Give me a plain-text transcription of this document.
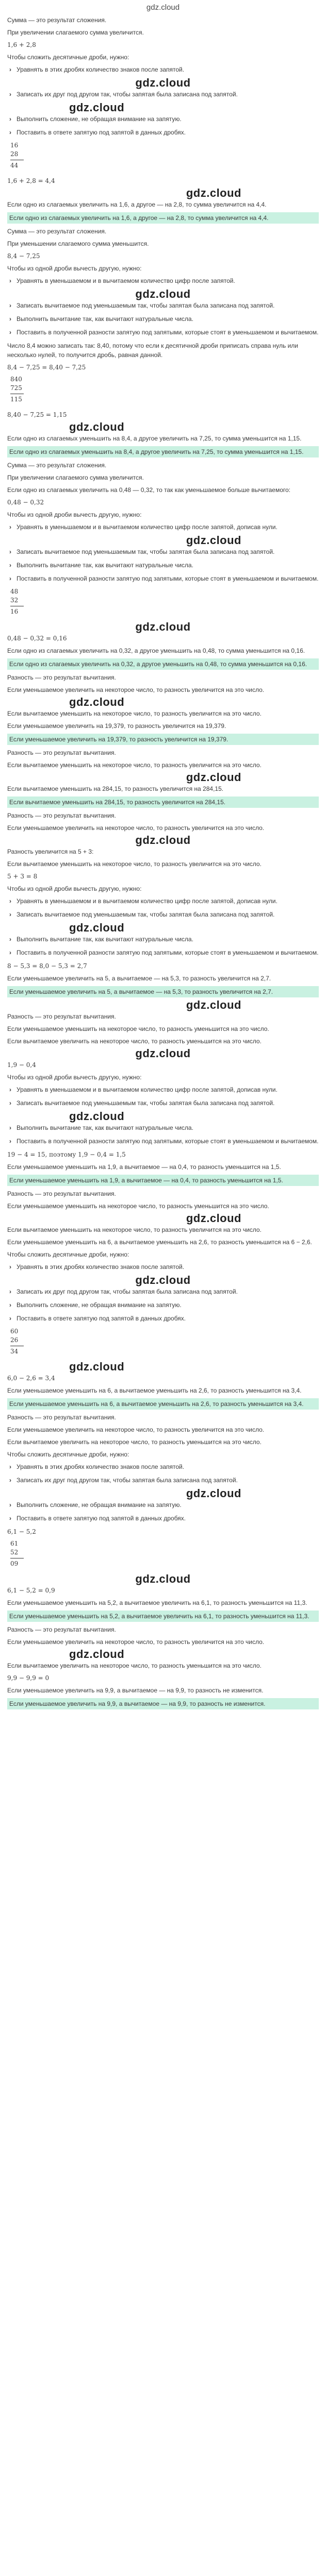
gdz.cloud
Сумма — это результат сложения.
При увеличении слагаемого сумма увеличится.
1,6 + 2,8
Чтобы сложить десятичные дроби, нужно:
› Уравнять в этих дробях количество знаков после запятой.
gdz.cloud
› Записать их друг под другом так, чтобы запятая была записана под запятой.
gdz.cloud
› Выполнить сложение, не обращая внимание на запятую.
› Поставить в ответе запятую под запятой в данных дробях.
16
28
44
1,6 + 2,8 = 4,4
gdz.cloud
Если одно из слагаемых увеличить на 1,6, а другое — на 2,8, то сумма увеличится на 4,4.
Если одно из слагаемых увеличить на 1,6, а другое — на 2,8, то сумма увеличится на 4,4.
Сумма — это результат сложения.
При уменьшении слагаемого сумма уменьшится.
8,4 − 7,25
Чтобы из одной дроби вычесть другую, нужно:
› Уравнять в уменьшаемом и в вычитаемом количество цифр после запятой.
gdz.cloud
› Записать вычитаемое под уменьшаемым так, чтобы запятая была записана под запятой.
› Выполнить вычитание так, как вычитают натуральные числа.
› Поставить в полученной разности запятую под запятыми, которые стоят в уменьшаемом и вычитаемом.
Число 8,4 можно записать так: 8,40, потому что если к десятичной дроби приписать справа нуль или несколько нулей, то получится дробь, равная данной.
8,4 − 7,25 = 8,40 − 7,25
840
725
115
8,40 − 7,25 = 1,15
gdz.cloud
Если одно из слагаемых уменьшить на 8,4, а другое увеличить на 7,25, то сумма уменьшится на 1,15.
Если одно из слагаемых уменьшить на 8,4, а другое увеличить на 7,25, то сумма уменьшится на 1,15.
Сумма — это результат сложения.
При увеличении слагаемого сумма увеличится.
Если одно из слагаемых увеличить на 0,48 — 0,32, то так как уменьшаемое больше вычитаемого:
0,48 − 0,32
Чтобы из одной дроби вычесть другую, нужно:
› Уравнять в уменьшаемом и в вычитаемом количество цифр после запятой, дописав нули.
gdz.cloud
› Записать вычитаемое под уменьшаемым так, чтобы запятая была записана под запятой.
› Выполнить вычитание так, как вычитают натуральные числа.
› Поставить в полученной разности запятую под запятыми, которые стоят в уменьшаемом и вычитаемом.
48
32
16
gdz.cloud
0,48 − 0,32 = 0,16
Если одно из слагаемых увеличить на 0,32, а другое уменьшить на 0,48, то сумма уменьшится на 0,16.
Если одно из слагаемых увеличить на 0,32, а другое уменьшить на 0,48, то сумма уменьшится на 0,16.
Разность — это результат вычитания.
Если уменьшаемое увеличить на некоторое число, то разность увеличится на это число.
gdz.cloud
Если вычитаемое уменьшить на некоторое число, то разность увеличится на это число.
Если уменьшаемое увеличить на 19,379, то разность увеличится на 19,379.
Если уменьшаемое увеличить на 19,379, то разность увеличится на 19,379.
Разность — это результат вычитания.
Если вычитаемое уменьшить на некоторое число, то разность увеличится на это число.
gdz.cloud
Если вычитаемое уменьшить на 284,15, то разность увеличится на 284,15.
Если вычитаемое уменьшить на 284,15, то разность увеличится на 284,15.
Разность — это результат вычитания.
Если уменьшаемое увеличить на некоторое число, то разность увеличится на это число.
gdz.cloud
Разность увеличится на 5 + 3:
Если вычитаемое уменьшить на некоторое число, то разность увеличится на это число.
5 + 3 = 8
Чтобы из одной дроби вычесть другую, нужно:
› Уравнять в уменьшаемом и в вычитаемом количество цифр после запятой, дописав нули.
› Записать вычитаемое под уменьшаемым так, чтобы запятая была записана под запятой.
gdz.cloud
› Выполнить вычитание так, как вычитают натуральные числа.
› Поставить в полученной разности запятую под запятыми, которые стоят в уменьшаемом и вычитаемом.
8 − 5,3 = 8,0 − 5,3 = 2,7
Если уменьшаемое увеличить на 5, а вычитаемое — на 5,3, то разность увеличится на 2,7.
Если уменьшаемое увеличить на 5, а вычитаемое — на 5,3, то разность увеличится на 2,7.
gdz.cloud
Разность — это результат вычитания.
Если уменьшаемое уменьшить на некоторое число, то разность уменьшится на это число.
Если вычитаемое увеличить на некоторое число, то разность уменьшится на это число.
gdz.cloud
1,9 − 0,4
Чтобы из одной дроби вычесть другую, нужно:
› Уравнять в уменьшаемом и в вычитаемом количество цифр после запятой, дописав нули.
› Записать вычитаемое под уменьшаемым так, чтобы запятая была записана под запятой.
gdz.cloud
› Выполнить вычитание так, как вычитают натуральные числа.
› Поставить в полученной разности запятую под запятыми, которые стоят в уменьшаемом и вычитаемом.
19 − 4 = 15, поэтому 1,9 − 0,4 = 1,5
Если уменьшаемое уменьшить на 1,9, а вычитаемое — на 0,4, то разность уменьшится на 1,5.
Если уменьшаемое уменьшить на 1,9, а вычитаемое — на 0,4, то разность уменьшится на 1,5.
Разность — это результат вычитания.
Если уменьшаемое уменьшить на некоторое число, то разность уменьшится на это число.
gdz.cloud
Если вычитаемое уменьшить на некоторое число, то разность увеличится на это число.
Если уменьшаемое уменьшить на 6, а вычитаемое уменьшить на 2,6, то разность уменьшится на 6 − 2,6.
Чтобы сложить десятичные дроби, нужно:
› Уравнять в этих дробях количество знаков после запятой.
gdz.cloud
› Записать их друг под другом так, чтобы запятая была записана под запятой.
› Выполнить сложение, не обращая внимание на запятую.
› Поставить в ответе запятую под запятой в данных дробях.
60
26
34
gdz.cloud
6,0 − 2,6 = 3,4
Если уменьшаемое уменьшить на 6, а вычитаемое уменьшить на 2,6, то разность уменьшится на 3,4.
Если уменьшаемое уменьшить на 6, а вычитаемое уменьшить на 2,6, то разность уменьшится на 3,4.
Разность — это результат вычитания.
Если уменьшаемое увеличить на некоторое число, то разность увеличится на это число.
Если вычитаемое увеличить на некоторое число, то разность уменьшится на это число.
Чтобы сложить десятичные дроби, нужно:
› Уравнять в этих дробях количество знаков после запятой.
› Записать их друг под другом так, чтобы запятая была записана под запятой.
gdz.cloud
› Выполнить сложение, не обращая внимание на запятую.
› Поставить в ответе запятую под запятой в данных дробях.
6,1 − 5,2
61
52
09
gdz.cloud
6,1 − 5,2 = 0,9
Если уменьшаемое уменьшить на 5,2, а вычитаемое увеличить на 6,1, то разность уменьшится на 11,3.
Если уменьшаемое уменьшить на 5,2, а вычитаемое увеличить на 6,1, то разность уменьшится на 11,3.
Разность — это результат вычитания.
Если уменьшаемое увеличить на некоторое число, то разность увеличится на это число.
gdz.cloud
Если вычитаемое увеличить на некоторое число, то разность уменьшится на это число.
9,9 − 9,9 = 0
Если уменьшаемое увеличить на 9,9, а вычитаемое — на 9,9, то разность не изменится.
Если уменьшаемое увеличить на 9,9, а вычитаемое — на 9,9, то разность не изменится.
